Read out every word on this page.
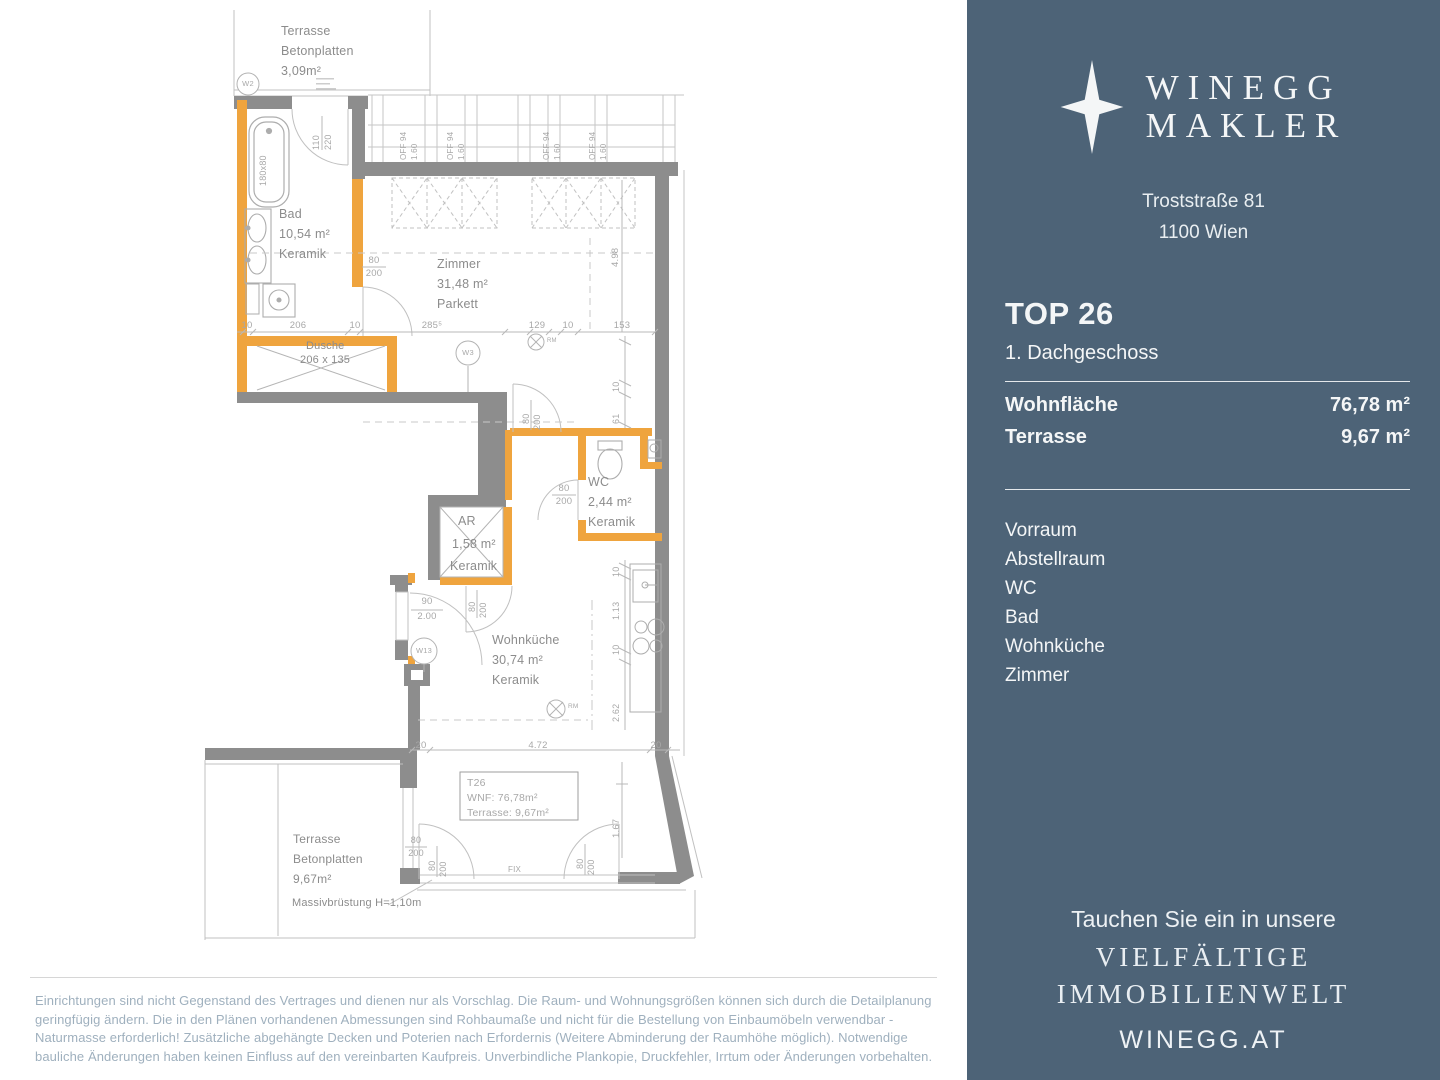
Terrasse
Betonplatten
3,09m²
Bad
10,54 m²
Keramik
Zimmer
31,48 m²
Parkett
Dusche
206 x 135
WC
2,44 m²
Keramik
AR
1,58 m²
Keramik
Wohnküche
30,74 m²
Keramik
Terrasse
Betonplatten
9,67m²
Massivbrüstung H=1,10m
T26
WNF: 76,78m²
Terrasse: 9,67m²
180x80
W2
W3
W13
10	206	10	285⁵	129 10	153
20	4.72	20
80
200
80
200
80
200
90
2.00
110 220	OFF 94 1.60	OFF 94 1.60	OFF 94 1.60	OFF 94 1.60
4.98
10
61
80 200
80 200
80 200	80 200
10
1.13
10
2.62
1.67
FIX
RM
RM
Einrichtungen sind nicht Gegenstand des Vertrages und dienen nur als Vorschlag. Die Raum- und Wohnungsgrößen können sich durch die Detailplanung geringfügig ändern. Die in den Plänen vorhandenen Abmessungen sind Rohbaumaße und nicht für die Bestellung von Einbaumöbeln verwendbar - Naturmasse erforderlich! Zusätzliche abgehängte Decken und Poterien nach Erfordernis (Weitere Abminderung der Raumhöhe möglich). Notwendige bauliche Änderungen haben keinen Einfluss auf den vereinbarten Kaufpreis. Unverbindliche Plankopie, Druckfehler, Irrtum oder Änderungen vorbehalten.
WINEGG
MAKLER
Troststraße 81
1100 Wien
TOP 26
1. Dachgeschoss
Wohnfläche	76,78 m²
Terrasse	9,67 m²
Vorraum
Abstellraum
WC
Bad
Wohnküche
Zimmer
Tauchen Sie ein in unsere
VIELFÄLTIGE
IMMOBILIENWELT
WINEGG.AT
